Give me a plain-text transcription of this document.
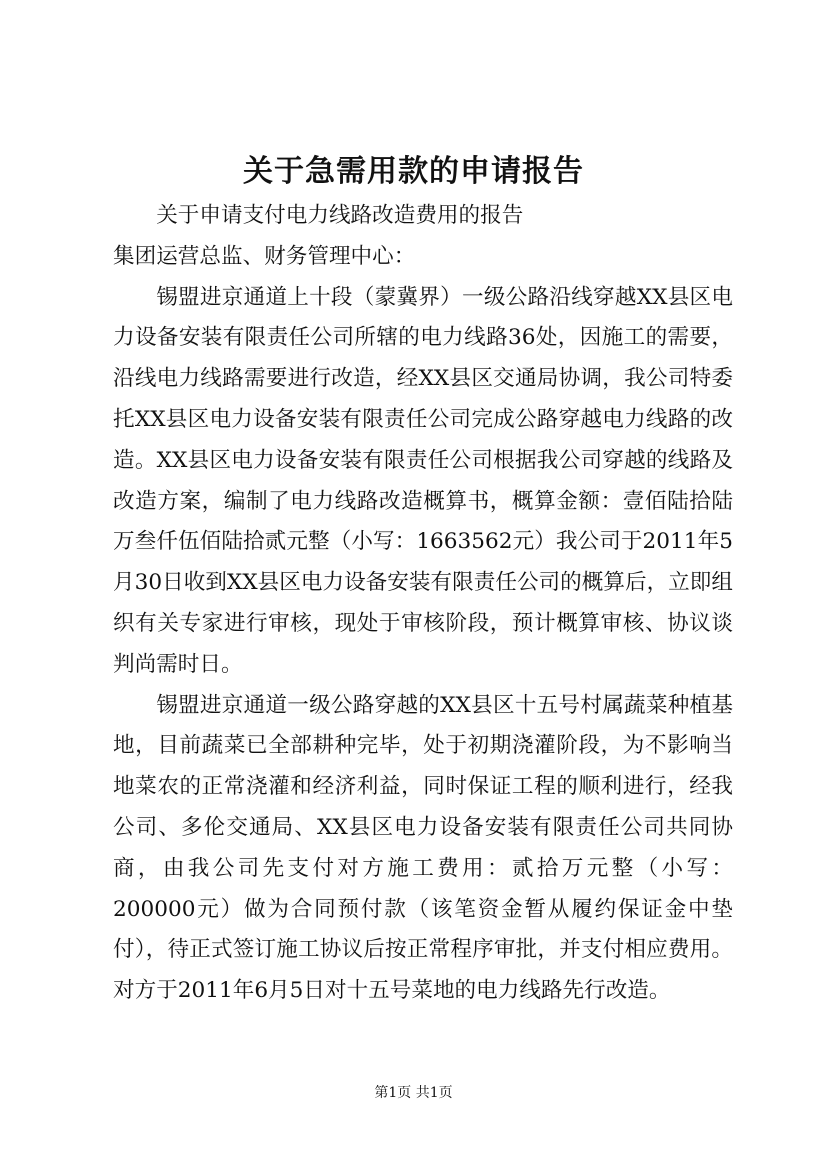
关于急需用款的申请报告

关于申请支付电力线路改造费用的报告

集团运营总监、财务管理中心：

锡盟进京通道上十段（蒙冀界）一级公路沿线穿越XX县区电力设备安装有限责任公司所辖的电力线路36处，因施工的需要，沿线电力线路需要进行改造，经XX县区交通局协调，我公司特委托XX县区电力设备安装有限责任公司完成公路穿越电力线路的改造。XX县区电力设备安装有限责任公司根据我公司穿越的线路及改造方案，编制了电力线路改造概算书，概算金额：壹佰陆拾陆万叁仟伍佰陆拾贰元整（小写：1663562元）我公司于2011年5月30日收到XX县区电力设备安装有限责任公司的概算后，立即组织有关专家进行审核，现处于审核阶段，预计概算审核、协议谈判尚需时日。

锡盟进京通道一级公路穿越的XX县区十五号村属蔬菜种植基地，目前蔬菜已全部耕种完毕，处于初期浇灌阶段，为不影响当地菜农的正常浇灌和经济利益，同时保证工程的顺利进行，经我公司、多伦交通局、XX县区电力设备安装有限责任公司共同协商，由我公司先支付对方施工费用：贰拾万元整（小写：200000元）做为合同预付款（该笔资金暂从履约保证金中垫付），待正式签订施工协议后按正常程序审批，并支付相应费用。对方于2011年6月5日对十五号菜地的电力线路先行改造。

第1页 共1页
